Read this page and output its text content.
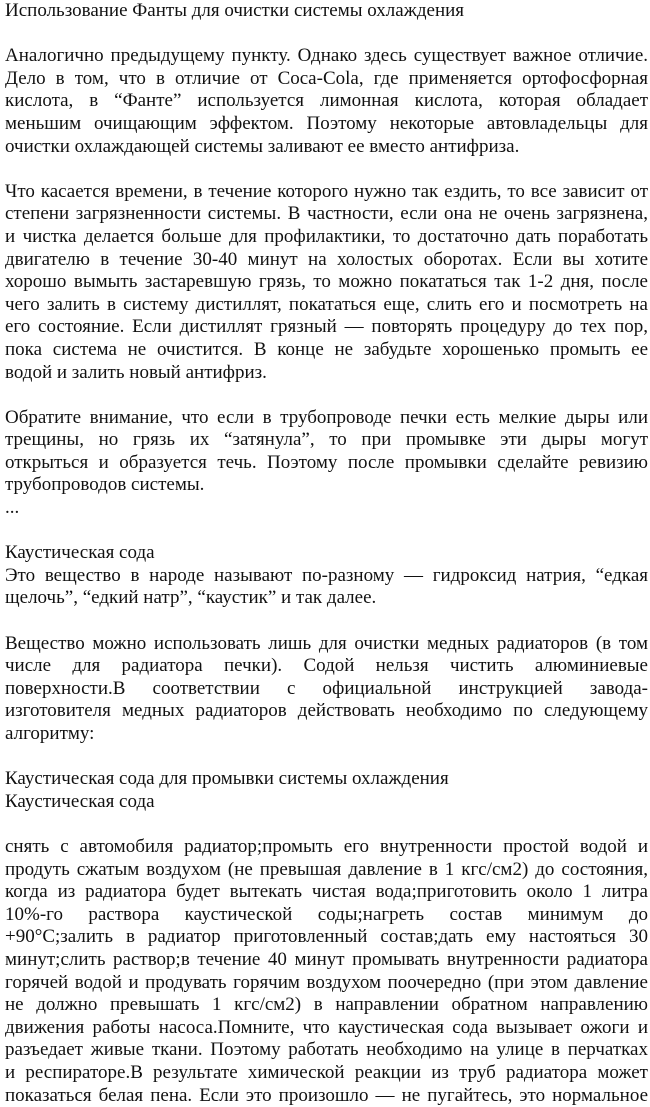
Использование Фанты для очистки системы охлаждения
Аналогично предыдущему пункту. Однако здесь существует важное отличие.
Дело в том, что в отличие от Coca-Cola, где применяется ортофосфорная
кислота, в “Фанте” используется лимонная кислота, которая обладает
меньшим очищающим эффектом. Поэтому некоторые автовладельцы для
очистки охлаждающей системы заливают ее вместо антифриза.
Что касается времени, в течение которого нужно так ездить, то все зависит от
степени загрязненности системы. В частности, если она не очень загрязнена,
и чистка делается больше для профилактики, то достаточно дать поработать
двигателю в течение 30-40 минут на холостых оборотах. Если вы хотите
хорошо вымыть застаревшую грязь, то можно покататься так 1-2 дня, после
чего залить в систему дистиллят, покататься еще, слить его и посмотреть на
его состояние. Если дистиллят грязный — повторять процедуру до тех пор,
пока система не очистится. В конце не забудьте хорошенько промыть ее
водой и залить новый антифриз.
Обратите внимание, что если в трубопроводе печки есть мелкие дыры или
трещины, но грязь их “затянула”, то при промывке эти дыры могут
открыться и образуется течь. Поэтому после промывки сделайте ревизию
трубопроводов системы.
...
Каустическая сода
Это вещество в народе называют по-разному — гидроксид натрия, “едкая
щелочь”, “едкий натр”, “каустик” и так далее.
Вещество можно использовать лишь для очистки медных радиаторов (в том
числе для радиатора печки). Содой нельзя чистить алюминиевые
поверхности.В соответствии с официальной инструкцией завода-
изготовителя медных радиаторов действовать необходимо по следующему
алгоритму:
Каустическая сода для промывки системы охлаждения
Каустическая сода
снять с автомобиля радиатор;промыть его внутренности простой водой и
продуть сжатым воздухом (не превышая давление в 1 кгс/см2) до состояния,
когда из радиатора будет вытекать чистая вода;приготовить около 1 литра
10%-го раствора каустической соды;нагреть состав минимум до
+90°С;залить в радиатор приготовленный состав;дать ему настояться 30
минут;слить раствор;в течение 40 минут промывать внутренности радиатора
горячей водой и продувать горячим воздухом поочередно (при этом давление
не должно превышать 1 кгс/см2) в направлении обратном направлению
движения работы насоса.Помните, что каустическая сода вызывает ожоги и
разъедает живые ткани. Поэтому работать необходимо на улице в перчатках
и респираторе.В результате химической реакции из труб радиатора может
показаться белая пена. Если это произошло — не пугайтесь, это нормальное
